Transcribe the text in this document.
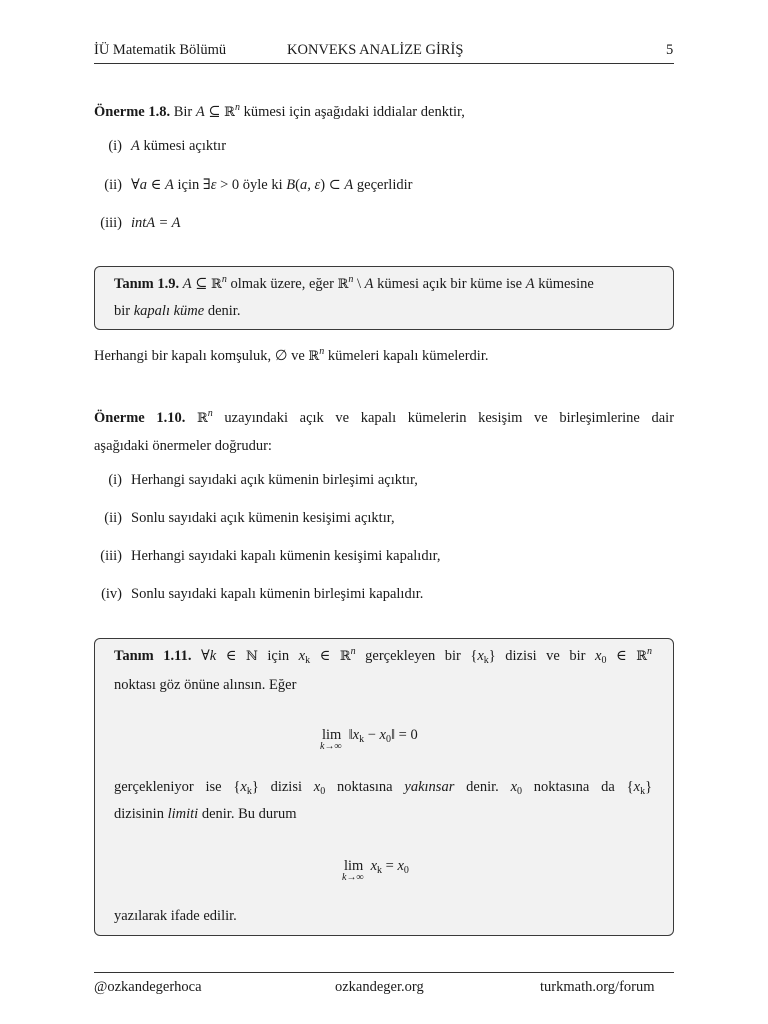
İÜ Matematik Bölümü	KONVEKS ANALİZE GİRİŞ	5
Önerme 1.8. Bir A ⊆ ℝ$^n$ kümesi için aşağıdaki iddialar denktir,
(i) A kümesi açıktır
(ii) ∀a ∈ A için ∃ε > 0 öyle ki B(a, ε) ⊂ A geçerlidir
(iii) intA = A
Tanım 1.9. A ⊆ ℝ$^n$ olmak üzere, eğer ℝ$^n$ \ A kümesi açık bir küme ise A kümesine
bir kapalı küme denir.
Herhangi bir kapalı komşuluk, ∅ ve ℝ$^n$ kümeleri kapalı kümelerdir.
Önerme 1.10. ℝ$^n$ uzayındaki açık ve kapalı kümelerin kesişim ve birleşimlerine dair
aşağıdaki önermeler doğrudur:
(i) Herhangi sayıdaki açık kümenin birleşimi açıktır,
(ii) Sonlu sayıdaki açık kümenin kesişimi açıktır,
(iii) Herhangi sayıdaki kapalı kümenin kesişimi kapalıdır,
(iv) Sonlu sayıdaki kapalı kümenin birleşimi kapalıdır.
Tanım 1.11. ∀k ∈ ℕ için $x_k$ ∈ ℝ$^n$ gerçekleyen bir $\{x_k\}$ dizisi ve bir $x_0$ ∈ ℝ$^n$
noktası göz önüne alınsın. Eğer
lim
k→∞
$‖x_k$ − $x_0‖ = 0$
gerçekleniyor ise $\{x_k\}$ dizisi $x_0$ noktasına yakınsar denir. $x_0$ noktasına da $\{x_k\}$
dizisinin limiti denir. Bu durum
lim
k→∞
$x_k = x_0$
yazılarak ifade edilir.
@ozkandegerhoca	ozkandeger.org	turkmath.org/forum
